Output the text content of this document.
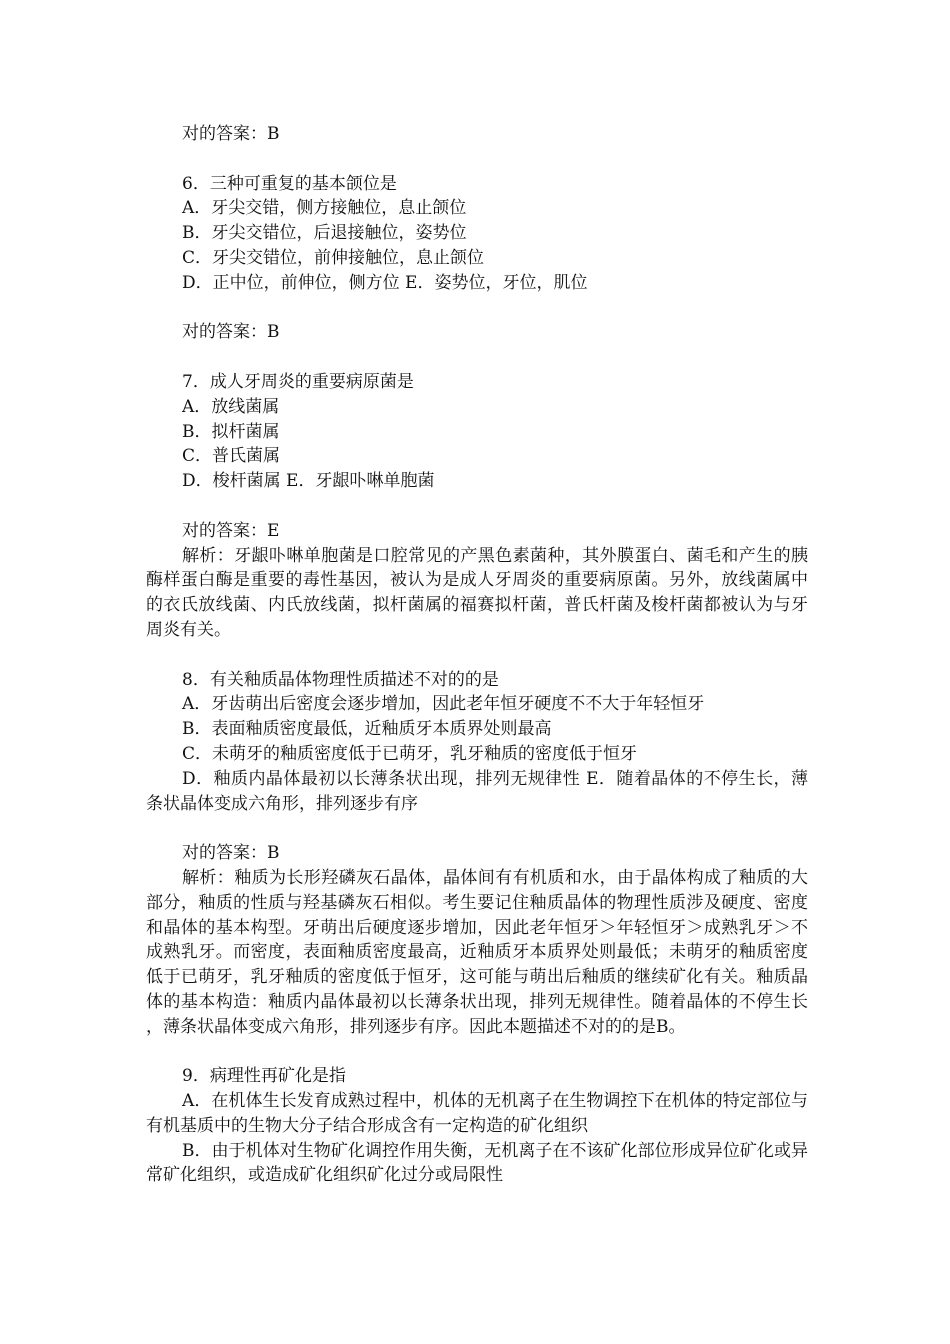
对的答案：B

6．三种可重复的基本颌位是

A．牙尖交错，侧方接触位，息止颌位

B．牙尖交错位，后退接触位，姿势位

C．牙尖交错位，前伸接触位，息止颌位

D．正中位，前伸位，侧方位 E．姿势位，牙位，肌位

对的答案：B

7．成人牙周炎的重要病原菌是

A．放线菌属

B．拟杆菌属

C．普氏菌属

D．梭杆菌属 E．牙龈卟啉单胞菌

对的答案：E

解析：牙龈卟啉单胞菌是口腔常见的产黑色素菌种，其外膜蛋白、菌毛和产生的胰酶样蛋白酶是重要的毒性基因，被认为是成人牙周炎的重要病原菌。另外，放线菌属中的衣氏放线菌、内氏放线菌，拟杆菌属的福赛拟杆菌，普氏杆菌及梭杆菌都被认为与牙周炎有关。

8．有关釉质晶体物理性质描述不对的的是

A．牙齿萌出后密度会逐步增加，因此老年恒牙硬度不不大于年轻恒牙

B．表面釉质密度最低，近釉质牙本质界处则最高

C．未萌牙的釉质密度低于已萌牙，乳牙釉质的密度低于恒牙

D．釉质内晶体最初以长薄条状出现，排列无规律性 E．随着晶体的不停生长，薄条状晶体变成六角形，排列逐步有序

对的答案：B

解析：釉质为长形羟磷灰石晶体，晶体间有有机质和水，由于晶体构成了釉质的大部分，釉质的性质与羟基磷灰石相似。考生要记住釉质晶体的物理性质涉及硬度、密度和晶体的基本构型。牙萌出后硬度逐步增加，因此老年恒牙＞年轻恒牙＞成熟乳牙＞不成熟乳牙。而密度，表面釉质密度最高，近釉质牙本质界处则最低；未萌牙的釉质密度低于已萌牙，乳牙釉质的密度低于恒牙，这可能与萌出后釉质的继续矿化有关。釉质晶体的基本构造：釉质内晶体最初以长薄条状出现，排列无规律性。随着晶体的不停生长，薄条状晶体变成六角形，排列逐步有序。因此本题描述不对的的是B。

9．病理性再矿化是指

A．在机体生长发育成熟过程中，机体的无机离子在生物调控下在机体的特定部位与有机基质中的生物大分子结合形成含有一定构造的矿化组织

B．由于机体对生物矿化调控作用失衡，无机离子在不该矿化部位形成异位矿化或异常矿化组织，或造成矿化组织矿化过分或局限性
